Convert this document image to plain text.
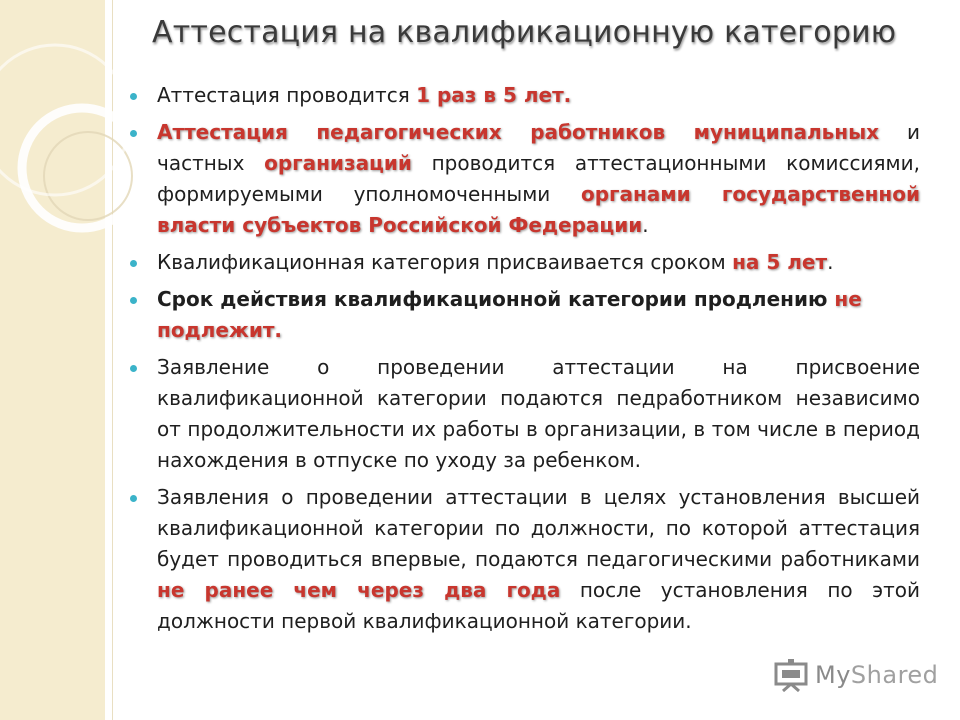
Аттестация на квалификационную категорию
Аттестация проводится 1 раз в 5 лет.
Аттестация педагогических работников муниципальных и частных организаций проводится аттестационными комиссиями, формируемыми уполномоченными органами государственной власти субъектов Российской Федерации.
Квалификационная категория присваивается сроком на 5 лет.
Срок действия квалификационной категории продлению не подлежит.
Заявление о проведении аттестации на присвоение квалификационной категории подаются педработником независимо от продолжительности их работы в организации, в том числе в период нахождения в отпуске по уходу за ребенком.
Заявления о проведении аттестации в целях установления высшей квалификационной категории по должности, по которой аттестация будет проводиться впервые, подаются педагогическими работниками не ранее чем через два года после установления по этой должности первой квалификационной категории.
MyShared
